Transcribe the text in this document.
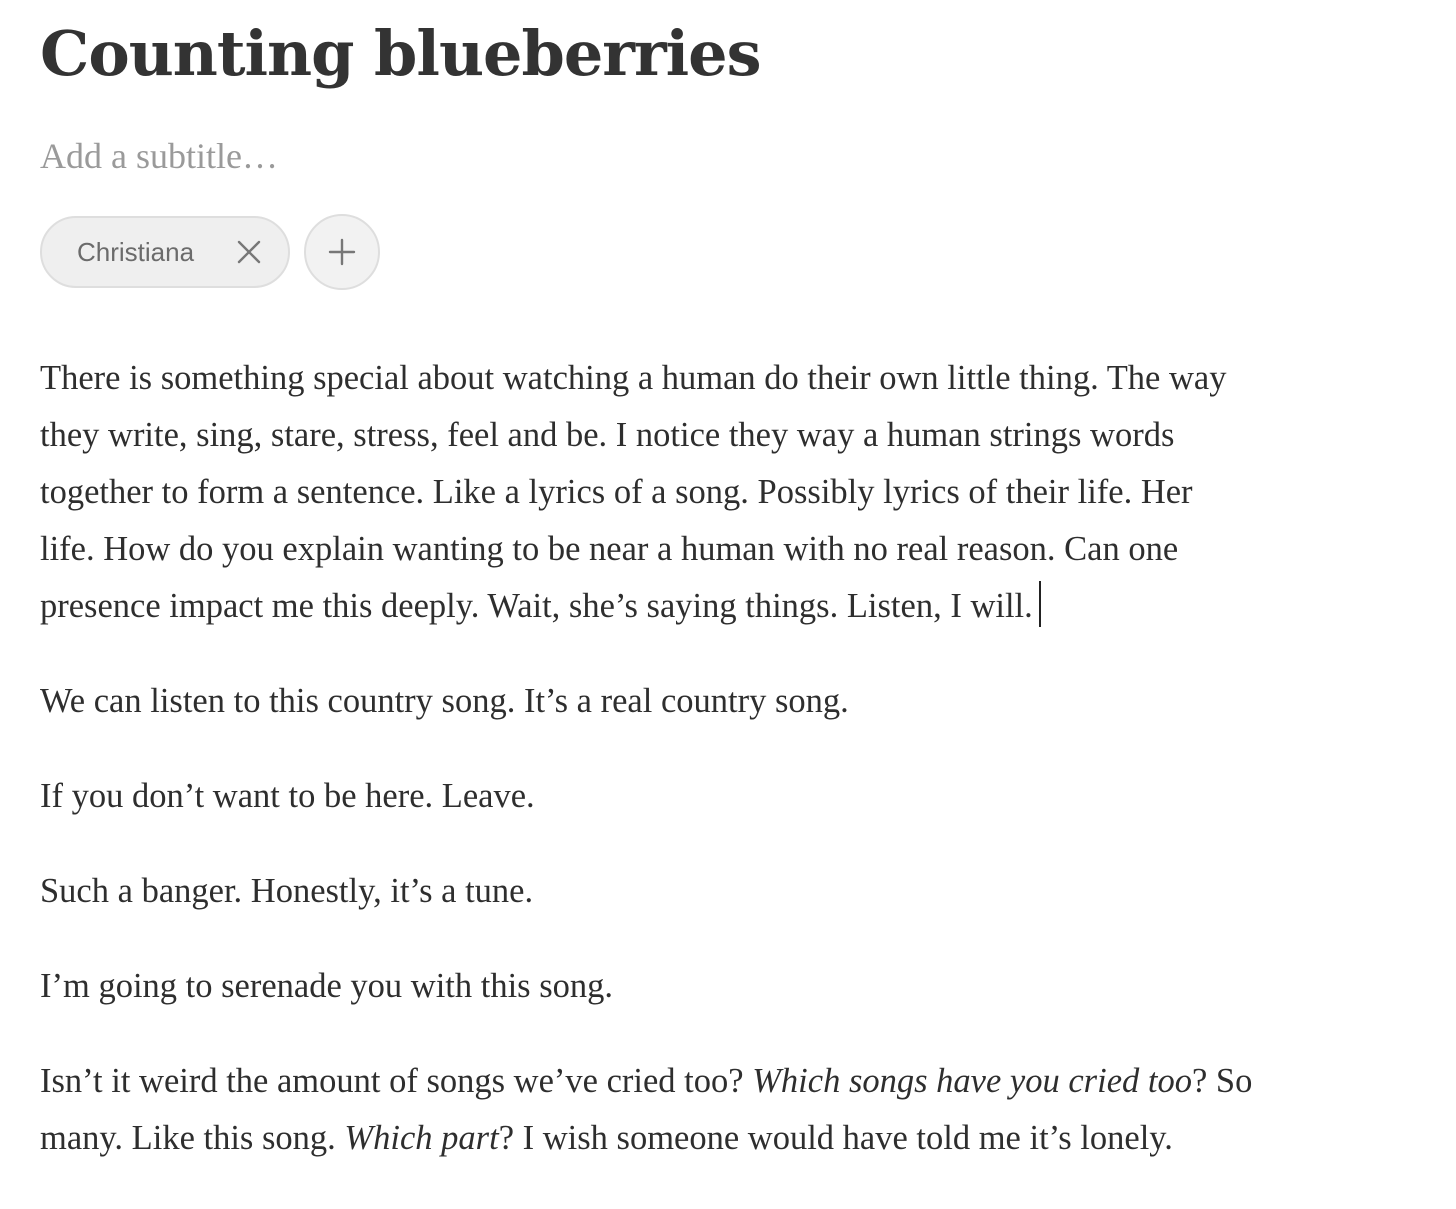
Counting blueberries
Add a subtitle…
Christiana

There is something special about watching a human do their own little thing. The way
they write, sing, stare, stress, feel and be. I notice they way a human strings words
together to form a sentence. Like a lyrics of a song. Possibly lyrics of their life. Her
life. How do you explain wanting to be near a human with no real reason. Can one
presence impact me this deeply. Wait, she’s saying things. Listen, I will.

We can listen to this country song. It’s a real country song.

If you don’t want to be here. Leave.

Such a banger. Honestly, it’s a tune.

I’m going to serenade you with this song.

Isn’t it weird the amount of songs we’ve cried too? Which songs have you cried too? So
many. Like this song. Which part? I wish someone would have told me it’s lonely.
